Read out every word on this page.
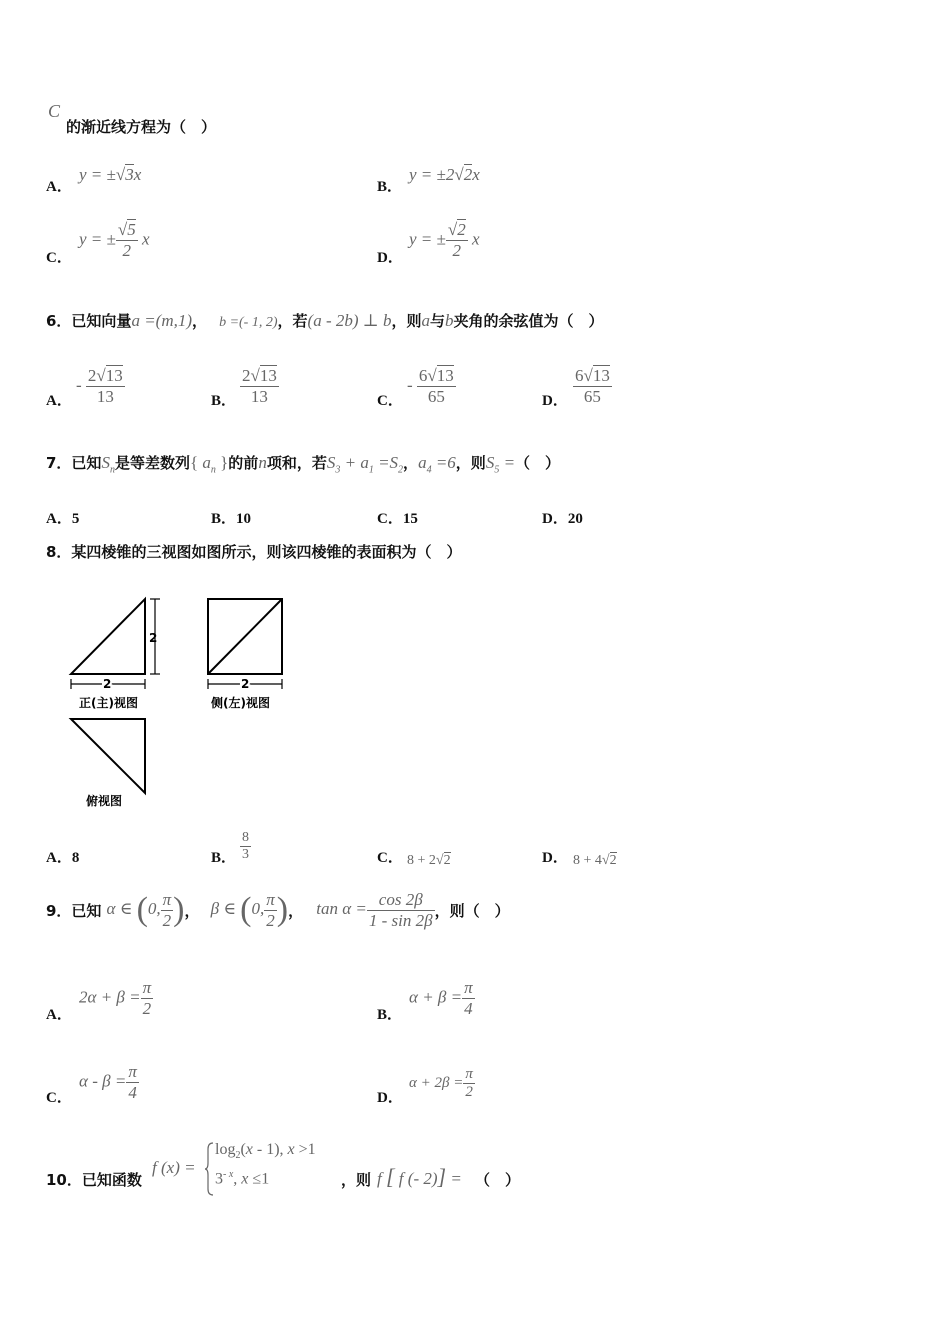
C
的渐近线方程为（　）
A．
y = ±√3x
B．
y = ±2√2x
C．
y = ± $\frac{√5}{2}$ x
D．
y = ± $\frac{√2}{2}$ x
6．已知向量a =(m,1)， b =(- 1, 2)，若(a - 2b) ⊥ b，则a与b夹角的余弦值为（　）
A．
- $\frac{2√13}{13}$	B． $\frac{2√13}{13}$	C．
- $\frac{6√13}{65}$	D． $\frac{6√13}{65}$
7．已知$S_n$是等差数列{ $a_n$ }的前n项和，若$S_3 + a_1 =S_2$，$a_4 =6$，则$S_5$ =（　）
A．5	B．10	C．15	D．20
8．某四棱锥的三视图如图所示，则该四棱锥的表面积为（　）
2
2
正(主)视图
2
侧(左)视图
俯视图
A．8	B． $\frac{8}{3}$	C． 8 + 2√2	D． 8 + 4√2
9．已知 α ∈ (0, $\frac{\pi}{2}$ )， β ∈ (0, $\frac{\pi}{2}$ )， $\tan \alpha = \frac{\cos 2\beta}{1 - \sin 2\beta}$ ，则（　）
A．
$2\alpha + \beta = \frac{\pi}{2}$	B．
$\alpha + \beta = \frac{\pi}{4}$
C．
$\alpha - \beta = \frac{\pi}{4}$	D．
$\alpha + 2\beta = \frac{\pi}{2}$
10．已知函数
f (x) =
$\log_2(x - 1)$, x >1
$3^{- x}$, x ≤1	，则 f [ f (- 2)] = （　）
